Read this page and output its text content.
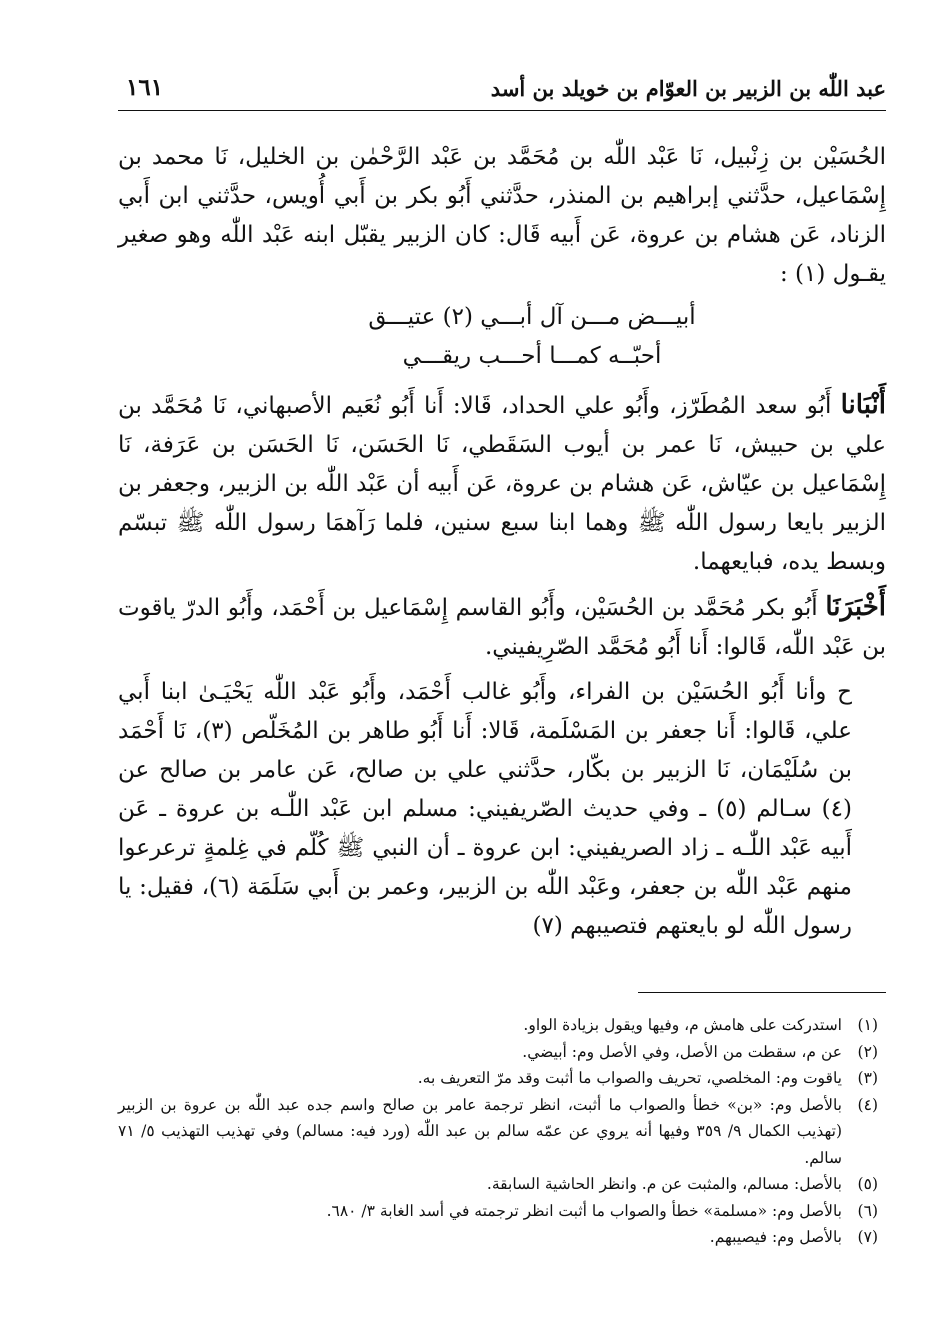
عبد اللّٰه بن الزبير بن العوّام بن خويلد بن أسد
١٦١

الحُسَيْن بن زِنْبيل، نَا عَبْد اللّٰه بن مُحَمَّد بن عَبْد الرَّحْمٰن بن الخليل، نَا محمد بن إِسْمَاعيل، حدَّثني إبراهيم بن المنذر، حدَّثني أَبُو بكر بن أَبي أُويس، حدَّثني ابن أَبي الزناد، عَن هشام بن عروة، عَن أَبيه قَال: كان الزبير يقبّل ابنه عَبْد اللّٰه وهو صغير يقـول (١) :

أبيـــض مـــن آل أبـــي (٢) عتيـــق
أحبّــه كمـــا أحـــب ريقـــي

أَنْبَانا أَبُو سعد المُطَرّز، وأَبُو علي الحداد، قَالا: أَنا أَبُو نُعَيم الأصبهاني، نَا مُحَمَّد بن علي بن حبيش، نَا عمر بن أيوب السَقَطي، نَا الحَسَن، نَا الحَسَن بن عَرَفة، نَا إِسْمَاعيل بن عيّاش، عَن هشام بن عروة، عَن أَبيه أن عَبْد اللّٰه بن الزبير، وجعفر بن الزبير بايعا رسول اللّٰه ﷺ وهما ابنا سبع سنين، فلما رَآهمَا رسول اللّٰه ﷺ تبسّم وبسط يده، فبايعهما.

أَخْبَرَنَا أَبُو بكر مُحَمَّد بن الحُسَيْن، وأَبُو القاسم إِسْمَاعيل بن أَحْمَد، وأَبُو الدرّ ياقوت بن عَبْد اللّٰه، قَالوا: أَنا أَبُو مُحَمَّد الصّرِيفيني.

ح وأنا أَبُو الحُسَيْن بن الفراء، وأَبُو غالب أَحْمَد، وأَبُو عَبْد اللّٰه يَحْيَـىٰ ابنا أَبي علي، قَالوا: أَنا جعفر بن المَسْلَمة، قَالا: أَنا أَبُو طاهر بن المُخَلّص (٣)، نَا أَحْمَد بن سُلَيْمَان، نَا الزبير بن بكّار، حدَّثني علي بن صالح، عَن عامر بن صالح عن (٤) سـالم (٥) ـ وفي حديث الصّريفيني: مسلم ابن عَبْد اللّٰـه بن عروة ـ عَن أَبيه عَبْد اللّٰـه ـ زاد الصريفيني: ابن عروة ـ أن النبي ﷺ كُلّم في غِلمةٍ ترعرعوا منهم عَبْد اللّٰه بن جعفر، وعَبْد اللّٰه بن الزبير، وعمر بن أَبي سَلَمَة (٦)، فقيل: يا رسول اللّٰه لو بايعتهم فتصيبهم (٧)

(١)
استدركت على هامش م، وفيها ويقول بزيادة الواو.

(٢)
عن م، سقطت من الأصل، وفي الأصل وم: أبيضي.

(٣)
ياقوت وم: المخلصي، تحريف والصواب ما أثبت وقد مرّ التعريف به.

(٤)
بالأصل وم: «بن» خطأ والصواب ما أثبت، انظر ترجمة عامر بن صالح واسم جده عبد اللّٰه بن عروة بن الزبير (تهذيب الكمال ٩/ ٣٥٩ وفيها أنه يروي عن عمّه سالم بن عبد اللّٰه (ورد فيه: مسالم) وفي تهذيب التهذيب ٥/ ٧١ سالم.

(٥)
بالأصل: مسالم، والمثبت عن م. وانظر الحاشية السابقة.

(٦)
بالأصل وم: «مسلمة» خطأ والصواب ما أثبت انظر ترجمته في أسد الغابة ٣/ ٦٨٠.

(٧)
بالأصل وم: فيصيبهم.
